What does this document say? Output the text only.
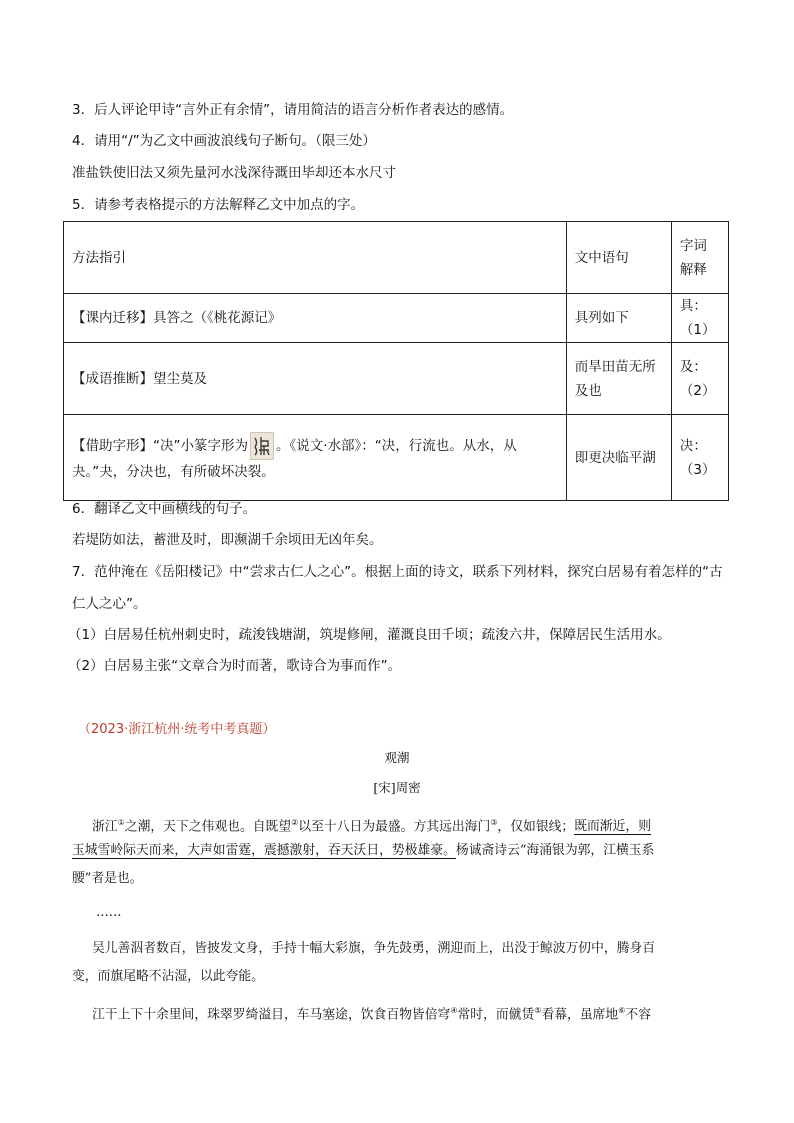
3．后人评论甲诗“言外正有余情”，请用简洁的语言分析作者表达的感情。
4．请用“/”为乙文中画波浪线句子断句。（限三处）
准盐铁使旧法又须先量河水浅深待溉田毕却还本水尺寸
5．请参考表格提示的方法解释乙文中加点的字。
方法指引	文中语句	字词解释
【课内迁移】具答之（《桃花源记》	具列如下	具：（1）
【成语推断】望尘莫及	而旱田苗无所及也	及：（2）

【借助字形】“决”小篆字形为 。《说文·水部》：“决，行流也。从水，从
夬。”夬，分决也，有所破坏决裂。	即更决临平湖	决：（3）
6．翻译乙文中画横线的句子。
若堤防如法，蓄泄及时，即濒湖千余顷田无凶年矣。
7．范仲淹在《岳阳楼记》中“尝求古仁人之心”。根据上面的诗文，联系下列材料，探究白居易有着怎样的“古
仁人之心”。
（1）白居易任杭州刺史时，疏浚钱塘湖，筑堤修闸，灌溉良田千顷；疏浚六井，保障居民生活用水。
（2）白居易主张“文章合为时而著，歌诗合为事而作”。
（2023·浙江杭州·统考中考真题）
观潮
[宋]周密
浙江①之潮，天下之伟观也。自既望②以至十八日为最盛。方其远出海门③，仅如银线；既而渐近，则
玉城雪岭际天而来，大声如雷霆，震撼激射，吞天沃日，势极雄豪。杨诚斋诗云“海涌银为郭，江横玉系
腰”者是也。
……
吴儿善泅者数百，皆披发文身，手持十幅大彩旗，争先鼓勇，溯迎而上，出没于鲸波万仞中，腾身百
变，而旗尾略不沾湿，以此夸能。
江干上下十余里间，珠翠罗绮溢目，车马塞途，饮食百物皆倍穹④常时，而僦赁⑤看幕，虽席地⑥不容
